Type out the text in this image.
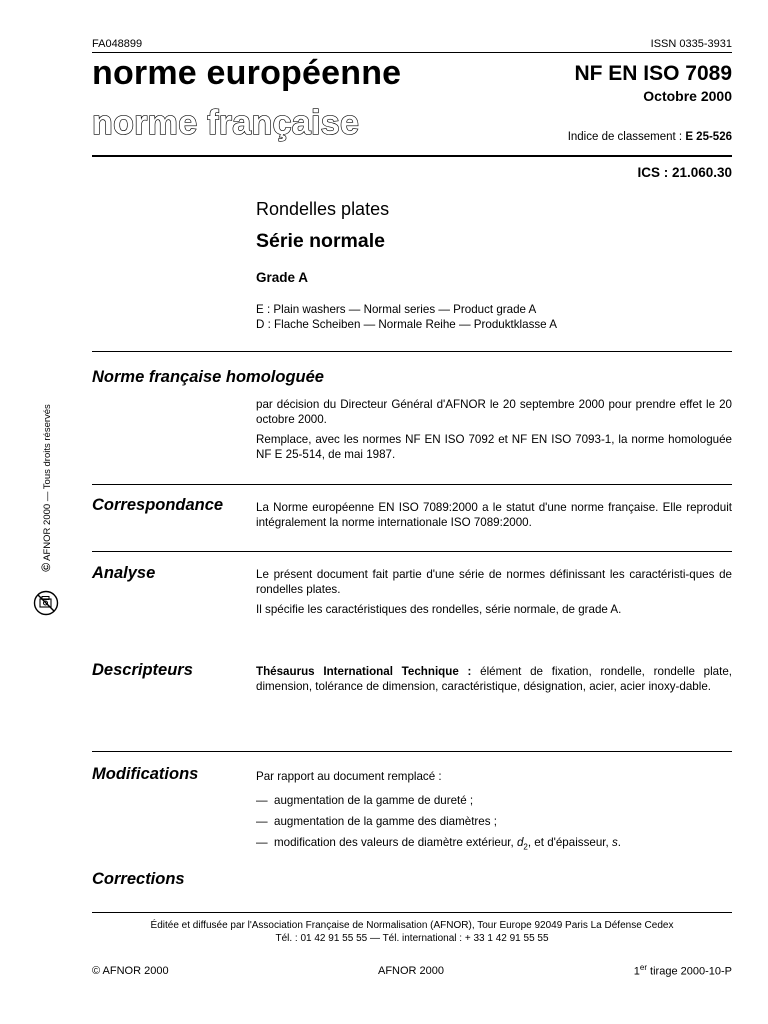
FA048899	ISSN 0335-3931
norme européenne
norme française
NF EN ISO 7089
Octobre 2000
Indice de classement : E 25-526
ICS : 21.060.30
Rondelles plates
Série normale
Grade A
E : Plain washers — Normal series — Product grade A
D : Flache Scheiben — Normale Reihe — Produktklasse A
Norme française homologuée

par décision du Directeur Général d'AFNOR le 20 septembre 2000 pour prendre effet le 20 octobre 2000.

Remplace, avec les normes NF EN ISO 7092 et NF EN ISO 7093-1, la norme homologuée NF E 25-514, de mai 1987.

Correspondance	La Norme européenne EN ISO 7089:2000 a le statut d'une norme française. Elle reproduit intégralement la norme internationale ISO 7089:2000.

Analyse	Le présent document fait partie d'une série de normes définissant les caractéristi-ques de rondelles plates.

Il spécifie les caractéristiques des rondelles, série normale, de grade A.

Descripteurs	Thésaurus International Technique : élément de fixation, rondelle, rondelle plate, dimension, tolérance de dimension, caractéristique, désignation, acier, acier inoxy-dable.

Modifications	Par rapport au document remplacé :

— augmentation de la gamme de dureté ;
— augmentation de la gamme des diamètres ;
— modification des valeurs de diamètre extérieur, $d_2$, et d'épaisseur, s.
Corrections
Éditée et diffusée par l'Association Française de Normalisation (AFNOR), Tour Europe 92049 Paris La Défense Cedex
Tél. : 01 42 91 55 55 — Tél. international : + 33 1 42 91 55 55
© AFNOR 2000	AFNOR 2000	1er tirage 2000-10-P
© AFNOR 2000 — Tous droits réservés
